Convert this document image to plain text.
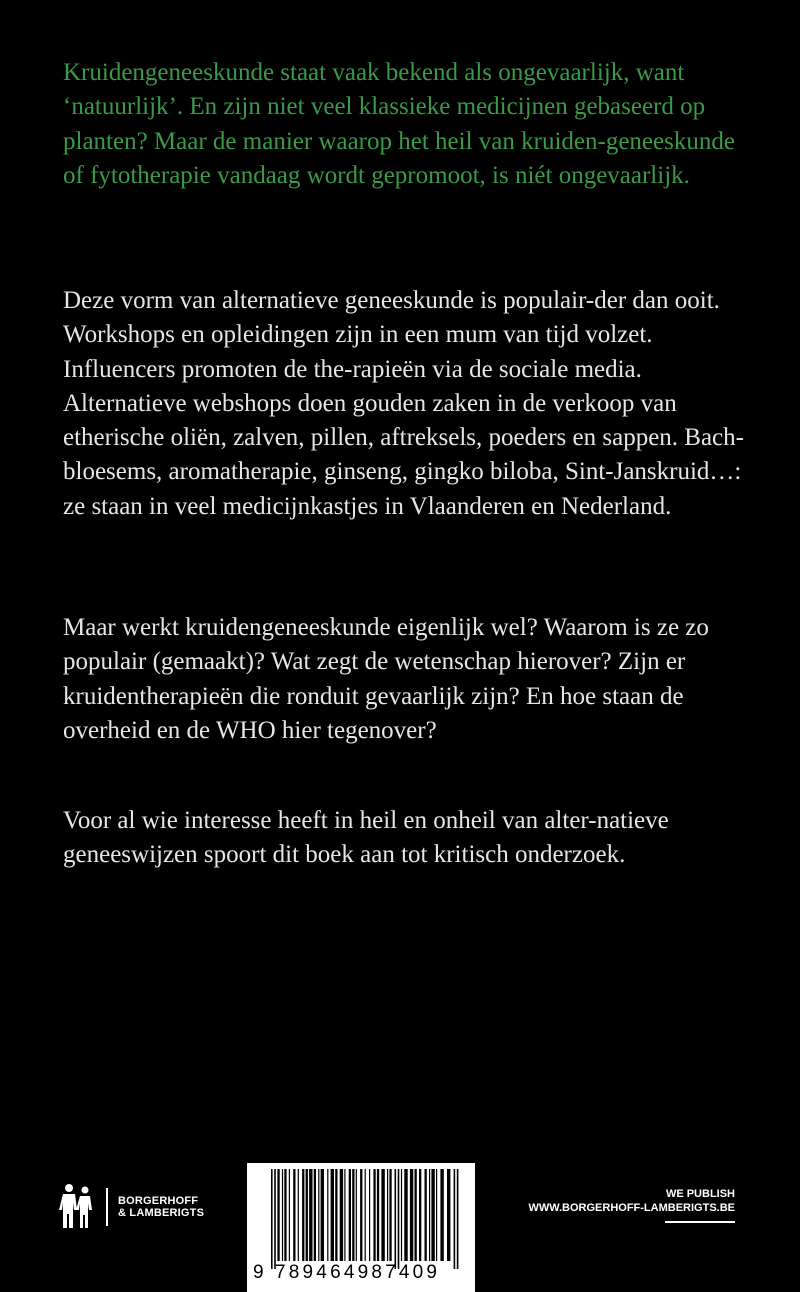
Kruidengeneeskunde staat vaak bekend als ongevaarlijk, want ‘natuurlijk’. En zijn niet veel klassieke medicijnen gebaseerd op planten? Maar de manier waarop het heil van kruiden-geneeskunde of fytotherapie vandaag wordt gepromoot, is niét ongevaarlijk.

Deze vorm van alternatieve geneeskunde is populair-der dan ooit. Workshops en opleidingen zijn in een mum van tijd volzet. Influencers promoten de the-rapieën via de sociale media. Alternatieve webshops doen gouden zaken in de verkoop van etherische oliën, zalven, pillen, aftreksels, poeders en sappen. Bach-bloesems, aromatherapie, ginseng, gingko biloba, Sint-Janskruid…: ze staan in veel medicijnkastjes in Vlaanderen en Nederland.

Maar werkt kruidengeneeskunde eigenlijk wel? Waarom is ze zo populair (gemaakt)? Wat zegt de wetenschap hierover? Zijn er kruidentherapieën die ronduit gevaarlijk zijn? En hoe staan de overheid en de WHO hier tegenover?

Voor al wie interesse heeft in heil en onheil van alter-natieve geneeswijzen spoort dit boek aan tot kritisch onderzoek.

BORGERHOFF
& LAMBERIGTS
9 789464987409
WE PUBLISH
WWW.BORGERHOFF-LAMBERIGTS.BE
